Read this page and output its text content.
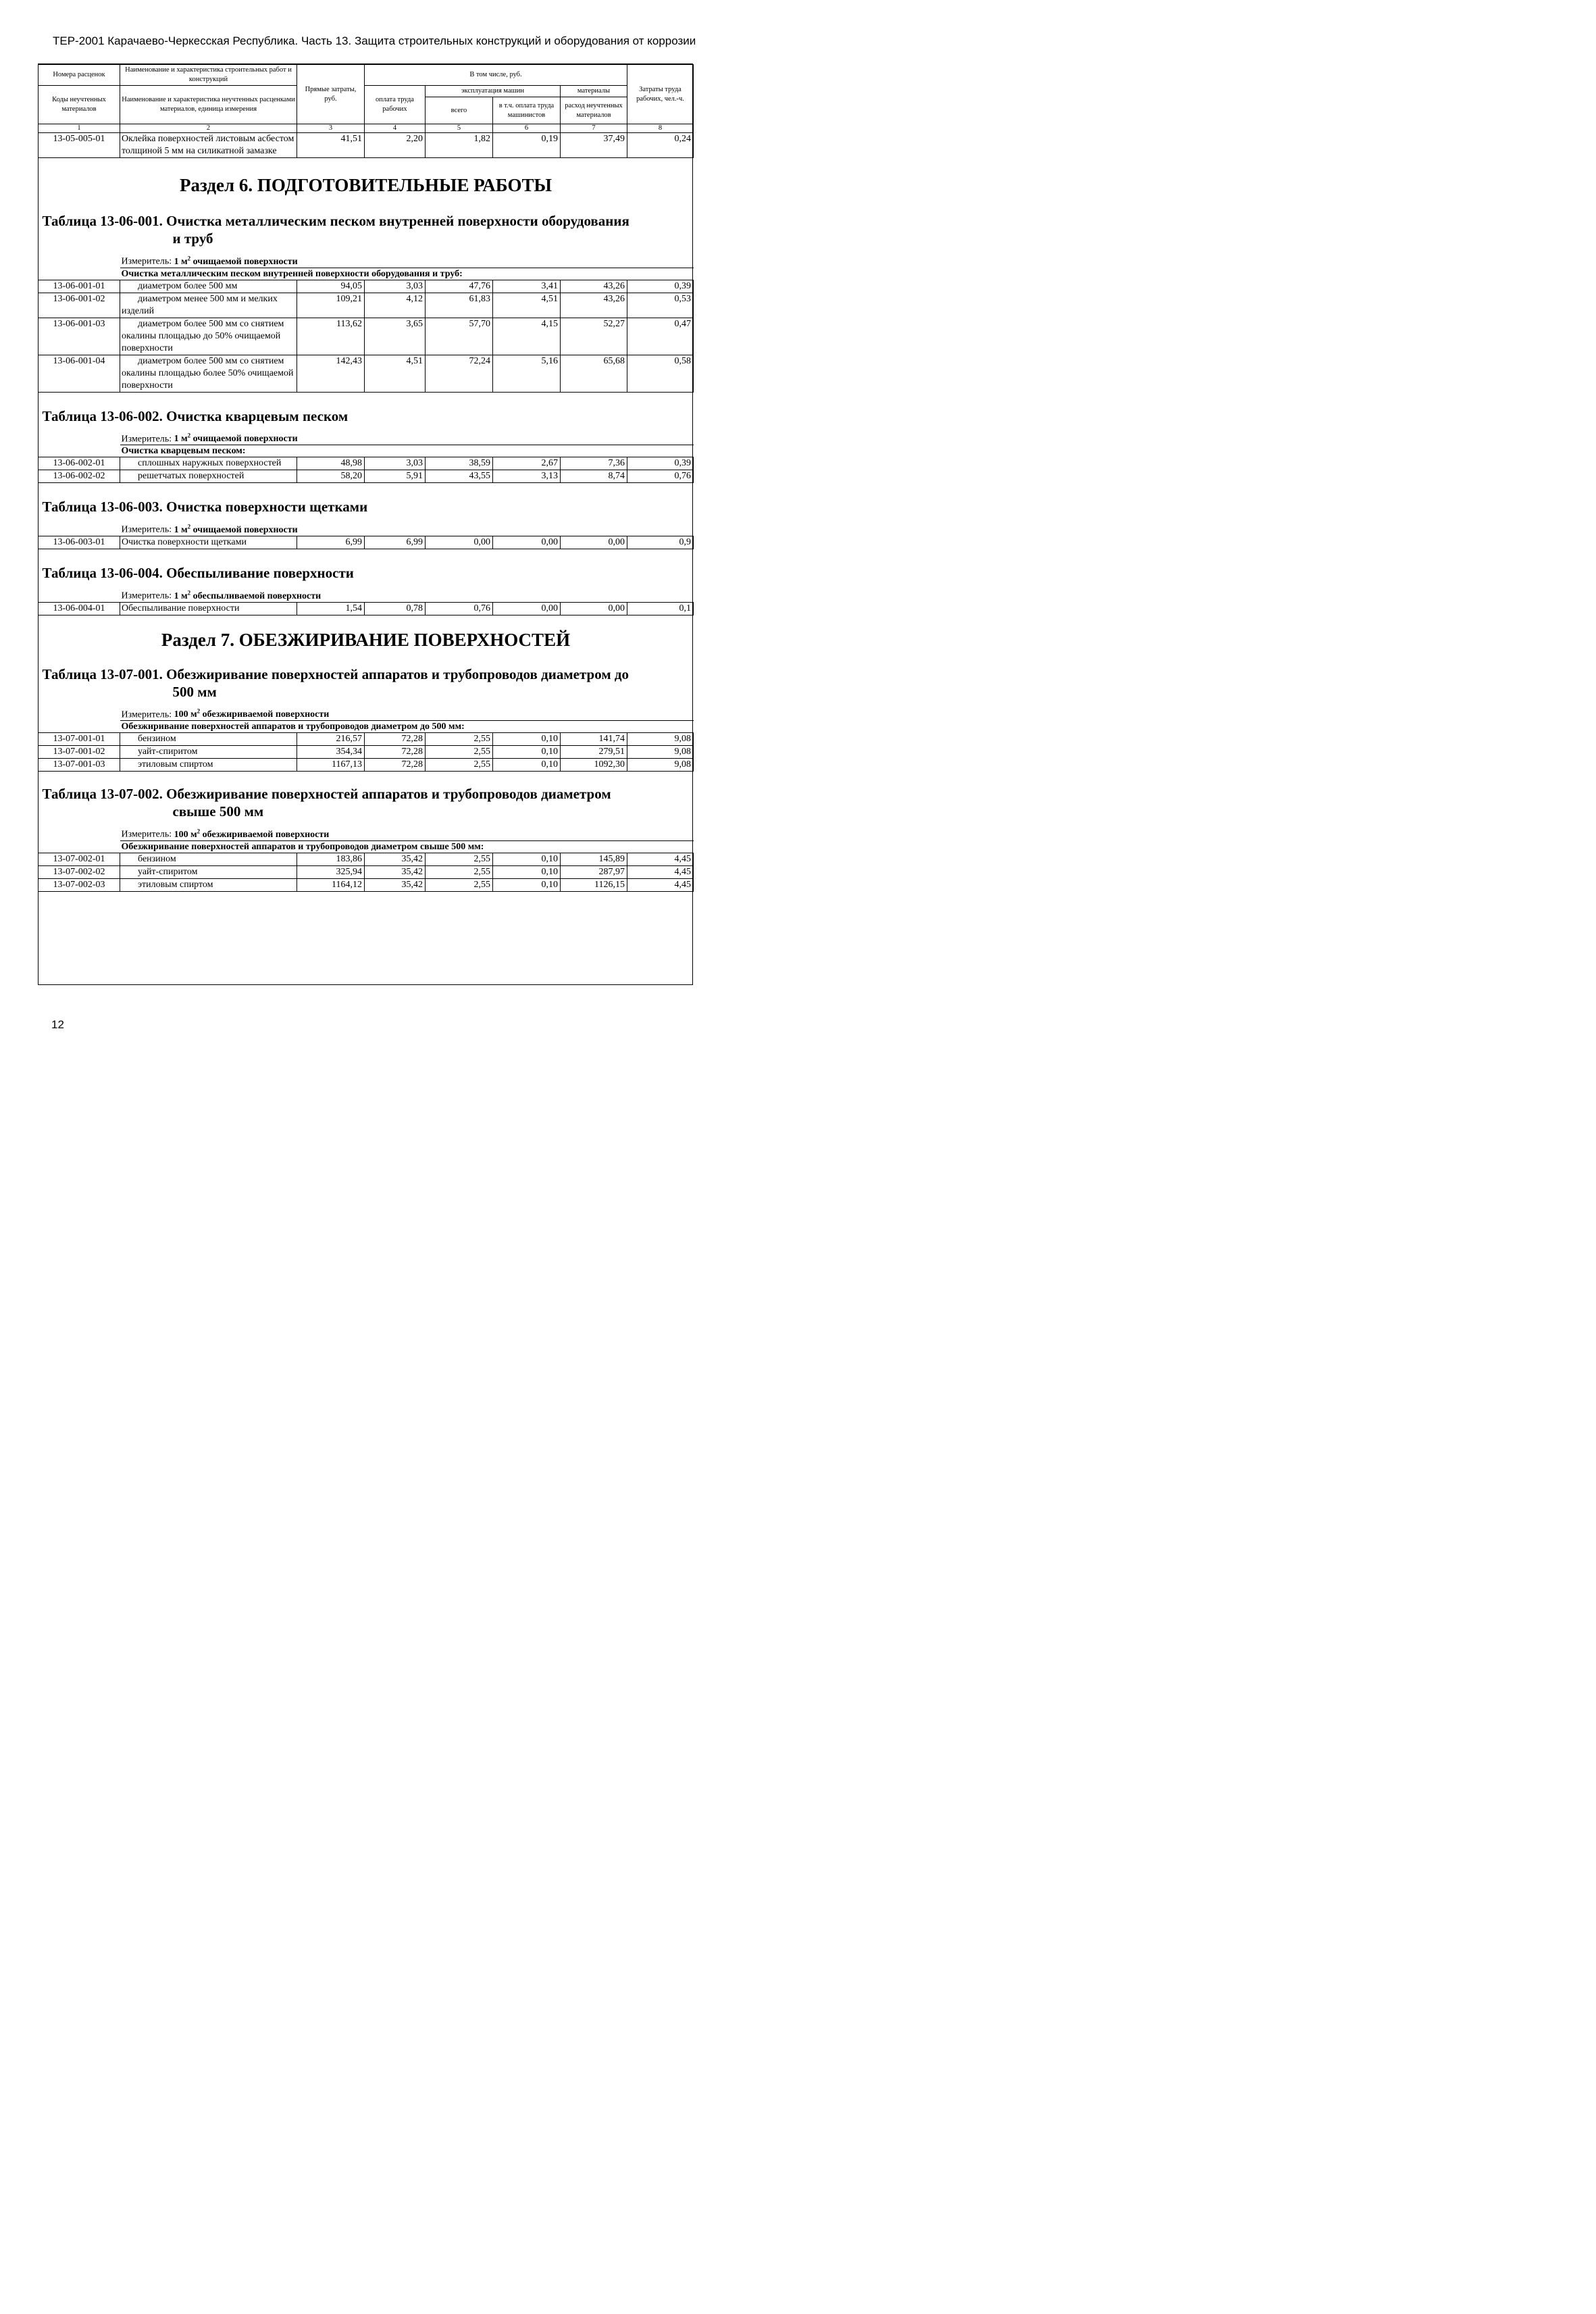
ТЕР-2001 Карачаево-Черкесская Республика. Часть 13. Защита строительных конструкций и оборудования от коррозии
Номера расценок	Наименование и характеристика строительных работ и конструкций	Прямые затраты, руб.	В том числе, руб.				Затраты труда рабочих, чел.-ч.
Коды неучтенных материалов	Наименование и характеристика неучтенных расценками материалов, единица измерения		оплата труда рабочих	эксплуатация машин		материалы	
				всего	в т.ч. оплата труда машинистов	расход неучтенных материалов	

1	2	3	4	5	6	7	8
13-05-005-01	Оклейка поверхностей листовым асбестом толщиной 5 мм на силикатной замазке	41,51	2,20	1,82	0,19	37,49	0,24
Раздел 6. ПОДГОТОВИТЕЛЬНЫЕ РАБОТЫ							
Таблица 13-06-001. Очистка металлическим песком внутренней поверхности оборудования
и труб							

Измеритель: 1 $м^2$ очищаемой поверхности							
	Очистка металлическим песком внутренней поверхности оборудования и труб:						
13-06-001-01	диаметром более 500 мм	94,05	3,03	47,76	3,41	43,26	0,39
13-06-001-02	диаметром менее 500 мм и мелких изделий	109,21	4,12	61,83	4,51	43,26	0,53
13-06-001-03	диаметром более 500 мм со снятием окалины площадью до 50% очищаемой поверхности	113,62	3,65	57,70	4,15	52,27	0,47
13-06-001-04	диаметром более 500 мм со снятием окалины площадью более 50% очищаемой поверхности	142,43	4,51	72,24	5,16	65,68	0,58
Таблица 13-06-002. Очистка кварцевым песком							
Измеритель: 1 $м^2$ очищаемой поверхности							
	Очистка кварцевым песком:						
13-06-002-01	сплошных наружных поверхностей	48,98	3,03	38,59	2,67	7,36	0,39
13-06-002-02	решетчатых поверхностей	58,20	5,91	43,55	3,13	8,74	0,76
Таблица 13-06-003. Очистка поверхности щетками							
Измеритель: 1 $м^2$ очищаемой поверхности							
13-06-003-01	Очистка поверхности щетками	6,99	6,99	0,00	0,00	0,00	0,9
Таблица 13-06-004. Обеспыливание поверхности							
Измеритель: 1 $м^2$ обеспыливаемой поверхности							
13-06-004-01	Обеспыливание поверхности	1,54	0,78	0,76	0,00	0,00	0,1
Раздел 7. ОБЕЗЖИРИВАНИЕ ПОВЕРХНОСТЕЙ							
Таблица 13-07-001. Обезжиривание поверхностей аппаратов и трубопроводов диаметром до
500 мм							

Измеритель: 100 $м^2$ обезжириваемой поверхности							
	Обезжиривание поверхностей аппаратов и трубопроводов диаметром до 500 мм:						
13-07-001-01	бензином	216,57	72,28	2,55	0,10	141,74	9,08
13-07-001-02	уайт-спиритом	354,34	72,28	2,55	0,10	279,51	9,08
13-07-001-03	этиловым спиртом	1167,13	72,28	2,55	0,10	1092,30	9,08
Таблица 13-07-002. Обезжиривание поверхностей аппаратов и трубопроводов диаметром
свыше 500 мм							

Измеритель: 100 $м^2$ обезжириваемой поверхности							
	Обезжиривание поверхностей аппаратов и трубопроводов диаметром свыше 500 мм:						
13-07-002-01	бензином	183,86	35,42	2,55	0,10	145,89	4,45
13-07-002-02	уайт-спиритом	325,94	35,42	2,55	0,10	287,97	4,45
13-07-002-03	этиловым спиртом	1164,12	35,42	2,55	0,10	1126,15	4,45
12
